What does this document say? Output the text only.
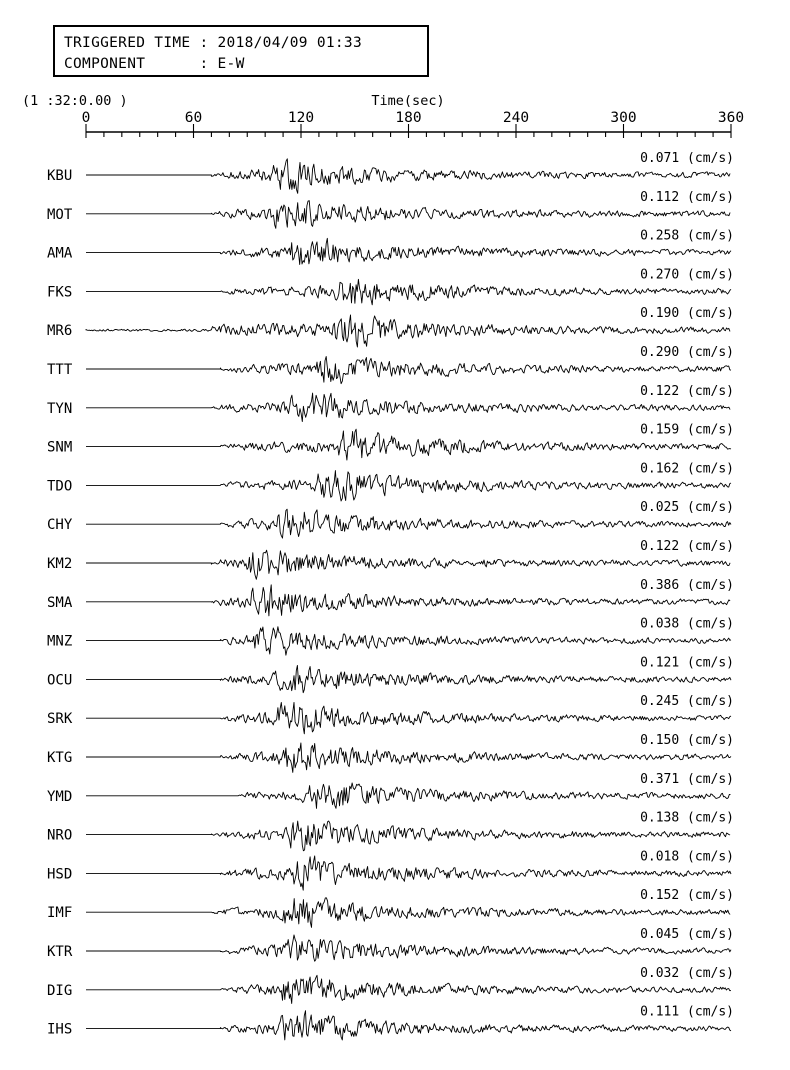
TRIGGERED TIME : 2018/04/09 01:33
COMPONENT      : E-W
0	60	120	180	240	300	360
Time(sec)
(1 :32:0.00 )
KBU
0.071 (cm/s)
MOT
0.112 (cm/s)
AMA
0.258 (cm/s)
FKS
0.270 (cm/s)
MR6
0.190 (cm/s)
TTT
0.290 (cm/s)
TYN
0.122 (cm/s)
SNM
0.159 (cm/s)
TDO
0.162 (cm/s)
CHY
0.025 (cm/s)
KM2
0.122 (cm/s)
SMA
0.386 (cm/s)
MNZ
0.038 (cm/s)
OCU
0.121 (cm/s)
SRK
0.245 (cm/s)
KTG
0.150 (cm/s)
YMD
0.371 (cm/s)
NRO
0.138 (cm/s)
HSD
0.018 (cm/s)
IMF
0.152 (cm/s)
KTR
0.045 (cm/s)
DIG
0.032 (cm/s)
IHS
0.111 (cm/s)
